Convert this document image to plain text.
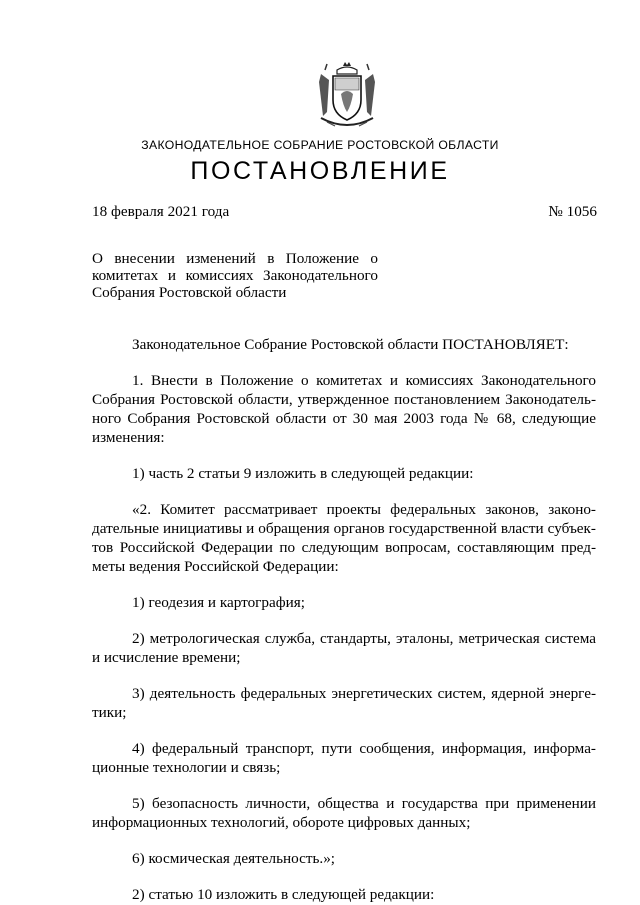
ЗАКОНОДАТЕЛЬНОЕ СОБРАНИЕ РОСТОВСКОЙ ОБЛАСТИ
ПОСТАНОВЛЕНИЕ
18 февраля 2021 года	№ 1056
О внесении изменений в Положение о
комитетах и комиссиях Законодательного
Собрания Ростовской области
Законодательное Собрание Ростовской области ПОСТАНОВЛЯЕТ:
1. Внести в Положение о комитетах и комиссиях Законодательного
Собрания Ростовской области, утвержденное постановлением Законодатель-
ного Собрания Ростовской области от 30 мая 2003 года № 68, следующие
изменения:
1) часть 2 статьи 9 изложить в следующей редакции:
«2. Комитет рассматривает проекты федеральных законов, законо-
дательные инициативы и обращения органов государственной власти субъек-
тов Российской Федерации по следующим вопросам, составляющим пред-
меты ведения Российской Федерации:
1) геодезия и картография;
2) метрологическая служба, стандарты, эталоны, метрическая система
и исчисление времени;
3) деятельность федеральных энергетических систем, ядерной энерге-
тики;
4) федеральный транспорт, пути сообщения, информация, информа-
ционные технологии и связь;
5) безопасность личности, общества и государства при применении
информационных технологий, обороте цифровых данных;
6) космическая деятельность.»;
2) статью 10 изложить в следующей редакции:
